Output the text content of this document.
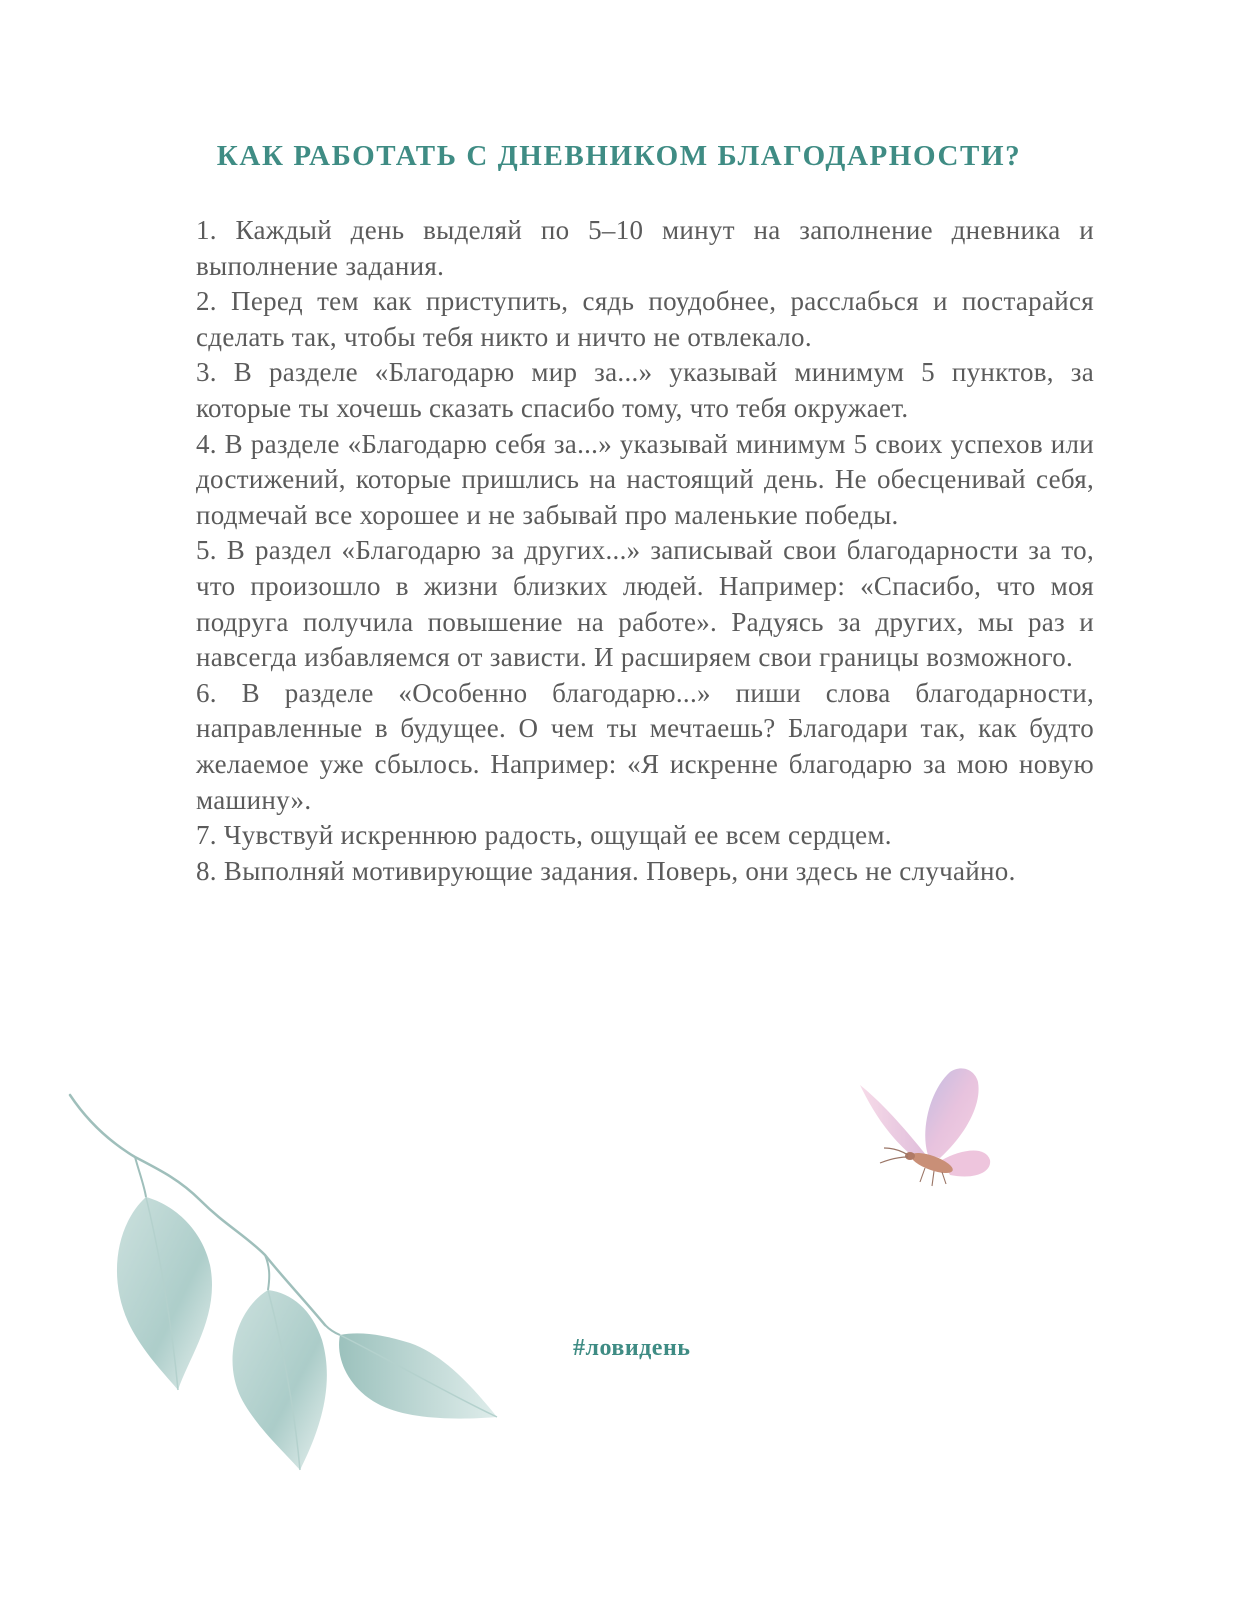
КАК РАБОТАТЬ С ДНЕВНИКОМ БЛАГОДАРНОСТИ?

1. Каждый день выделяй по 5–10 минут на заполнение дневника и выполнение задания.

2. Перед тем как приступить, сядь поудобнее, расслабься и постарайся сделать так, чтобы тебя никто и ничто не отвлекало.

3. В разделе «Благодарю мир за...» указывай минимум 5 пунктов, за которые ты хочешь сказать спасибо тому, что тебя окружает.

4. В разделе «Благодарю себя за...» указывай минимум 5 своих успехов или достижений, которые пришлись на настоящий день. Не обесценивай себя, подмечай все хорошее и не забывай про маленькие победы.

5. В раздел «Благодарю за других...» записывай свои благодарности за то, что произошло в жизни близких людей. Например: «Спасибо, что моя подруга получила повышение на работе». Радуясь за других, мы раз и навсегда избавляемся от зависти. И расширяем свои границы возможного.

6. В разделе «Особенно благодарю...» пиши слова благодарности, направленные в будущее. О чем ты мечтаешь? Благодари так, как будто желаемое уже сбылось. Например: «Я искренне благодарю за мою новую машину».

7. Чувствуй искреннюю радость, ощущай ее всем сердцем.

8. Выполняй мотивирующие задания. Поверь, они здесь не случайно.

#ловидень
